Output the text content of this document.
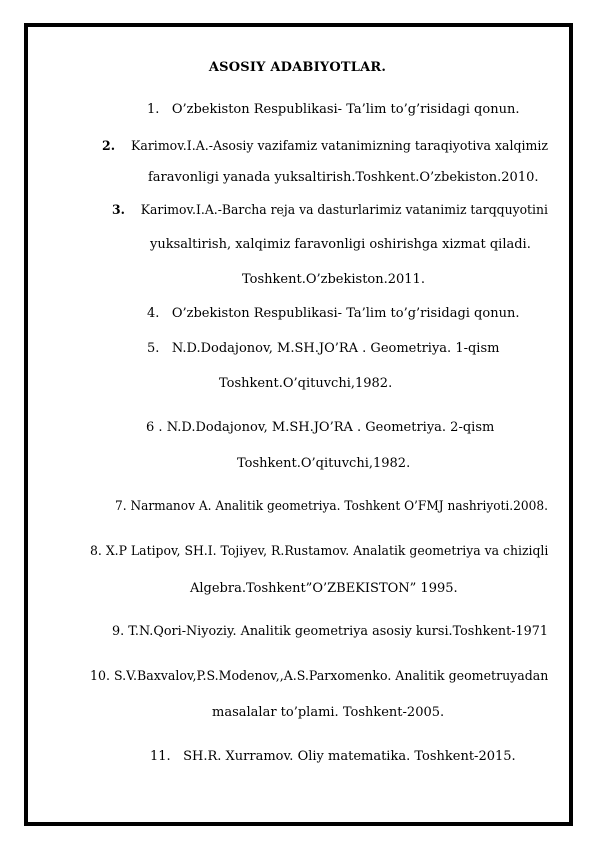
ASOSIY ADABIYOTLAR.
1. O’zbekiston Respublikasi- Ta’lim to’g’risidagi qonun.
2. Karimov.I.A.-Asosiy vazifamiz vatanimizning taraqiyotiva xalqimiz
faravonligi yanada yuksaltirish.Toshkent.O’zbekiston.2010.
3. Karimov.I.A.-Barcha reja va dasturlarimiz vatanimiz tarqquyotini
yuksaltirish, xalqimiz faravonligi oshirishga xizmat qiladi.
Toshkent.O’zbekiston.2011.
4. O’zbekiston Respublikasi- Ta’lim to’g’risidagi qonun.
5. N.D.Dodajonov, M.SH.JO’RA . Geometriya. 1-qism
Toshkent.O’qituvchi,1982.
6 . N.D.Dodajonov, M.SH.JO’RA . Geometriya. 2-qism
Toshkent.O’qituvchi,1982.
7. Narmanov A. Analitik geometriya. Toshkent O’FMJ nashriyoti.2008.
8. X.P Latipov, SH.I. Tojiyev, R.Rustamov. Analatik geometriya va chiziqli
Algebra.Toshkent”O’ZBEKISTON” 1995.
9. T.N.Qori-Niyoziy. Analitik geometriya asosiy kursi.Toshkent-1971
10. S.V.Baxvalov,P.S.Modenov,,A.S.Parxomenko. Analitik geometruyadan
masalalar to’plami. Toshkent-2005.
11. SH.R. Xurramov. Oliy matematika. Toshkent-2015.
